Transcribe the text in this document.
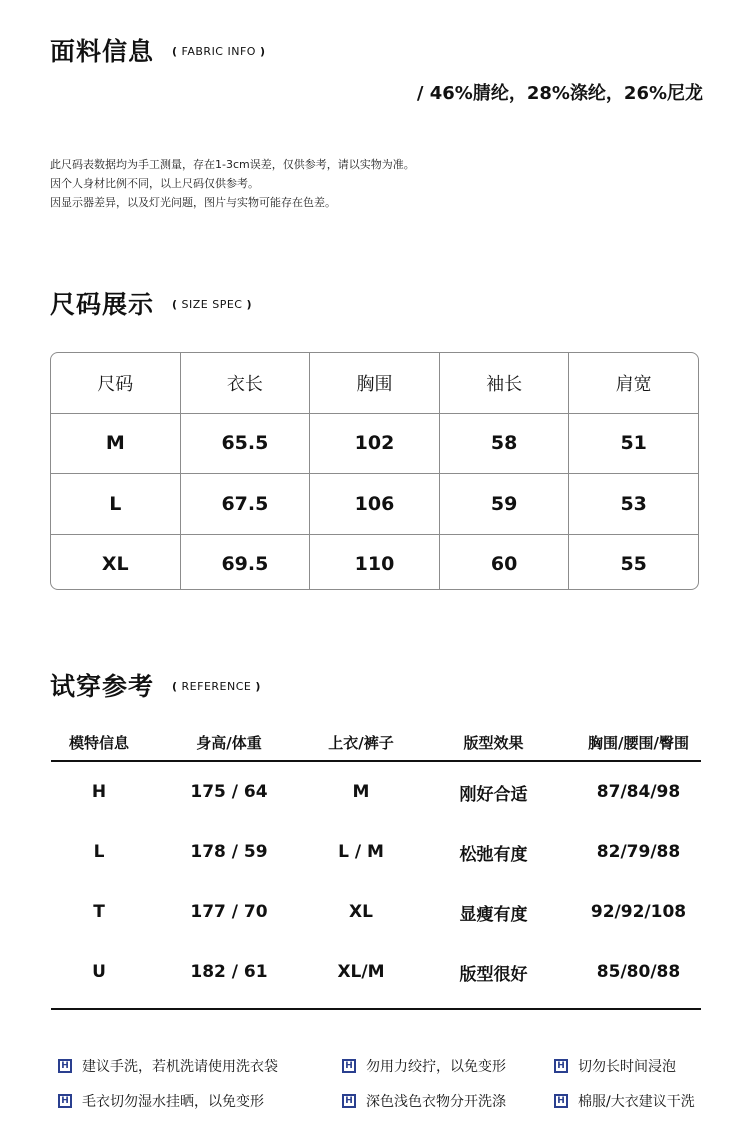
面料信息 ( FABRIC INFO )
/ 46%腈纶，28%涤纶，26%尼龙
此尺码表数据均为手工测量，存在1-3cm误差，仅供参考，请以实物为准。
因个人身材比例不同，以上尺码仅供参考。
因显示器差异，以及灯光问题，图片与实物可能存在色差。
尺码展示 ( SIZE SPEC )
尺码	衣长	胸围	袖长	肩宽
M	65.5	102	58	51
L	67.5	106	59	53
XL	69.5	110	60	55
试穿参考 ( REFERENCE )
模特信息	身高/体重	上衣/裤子	版型效果	胸围/腰围/臀围
H	175 / 64	M	刚好合适	87/84/98
L	178 / 59	L / M	松弛有度	82/79/88
T	177 / 70	XL	显瘦有度	92/92/108
U	182 / 61	XL/M	版型很好	85/80/88
H 建议手洗，若机洗请使用洗衣袋	H 勿用力绞拧，以免变形	H 切勿长时间浸泡
H 毛衣切勿湿水挂晒，以免变形	H 深色浅色衣物分开洗涤	H 棉服/大衣建议干洗
